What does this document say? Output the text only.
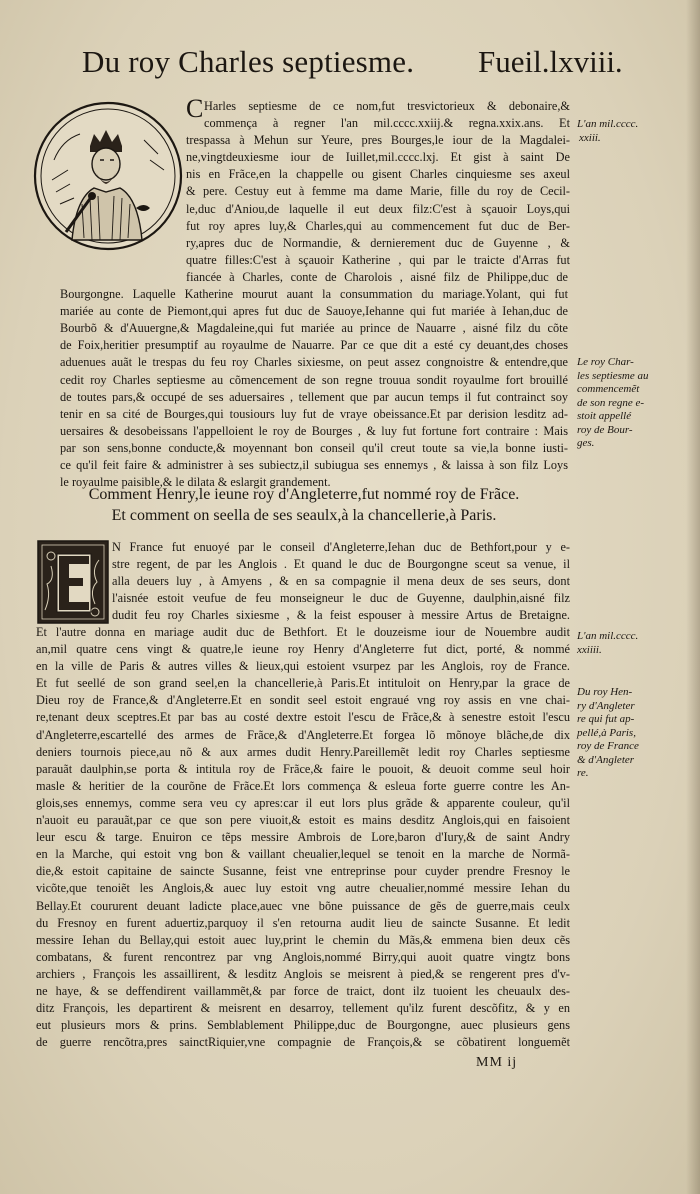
Du roy Charles septiesme. Fueil.lxviii.
C Harles septiesme de ce nom,fut tresvictorieux & debonaire,&
commença à regner l'an mil.cccc.xxiij.& regna.xxix.ans. Et
trespassa à Mehun sur Yeure, pres Bourges,le iour de la Magdalei-
ne,vingtdeuxiesme iour de Iuillet,mil.cccc.lxj. Et gist à saint De
nis en Frãce,en la chappelle ou gisent Charles cinquiesme ses axeul
& pere. Cestuy eut à femme ma dame Marie, fille du roy de Cecil-
le,duc d'Aniou,de laquelle il eut deux filz:C'est à sçauoir Loys,qui
fut roy apres luy,& Charles,qui au commencement fut duc de Ber-
ry,apres duc de Normandie, & dernierement duc de Guyenne , &
quatre filles:C'est à sçauoir Katherine , qui par le traicte d'Arras fut
fiancée à Charles, conte de Charolois , aisné filz de Philippe,duc de
Bourgongne. Laquelle Katherine mourut auant la consummation du mariage.Yolant, qui fut
mariée au conte de Piemont,qui apres fut duc de Sauoye,Iehanne qui fut mariée à Iehan,duc de
Bourbõ & d'Auuergne,& Magdaleine,qui fut mariée au prince de Nauarre , aisné filz du cõte
de Foix,heritier presumptif au royaulme de Nauarre. Par ce que dit a esté cy deuant,des choses
aduenues auãt le trespas du feu roy Charles sixiesme, on peut assez congnoistre & entendre,que
cedit roy Charles septiesme au cõmencement de son regne trouua sondit royaulme fort brouillé
de toutes pars,& occupé de ses aduersaires , tellement que par aucun temps il fut contrainct soy
tenir en sa cité de Bourges,qui tousiours luy fut de vraye obeissance.Et par derision lesditz ad-
uersaires & desobeissans l'appelloient le roy de Bourges , & luy fut fortune fort contraire : Mais
par son sens,bonne conducte,& moyennant bon conseil qu'il creut toute sa vie,la bonne iusti-
ce qu'il feit faire & administrer à ses subiectz,il subiugua ses ennemys , & laissa à son filz Loys
le royaulme paisible,& le dilata & eslargit grandement.
L'an mil.cccc.
xxiii.
Le roy Char-
les septiesme au
commencemẽt
de son regne e-
stoit appellé
roy de Bour-
ges.
Comment Henry,le ieune roy d'Angleterre,fut nommé roy de Frãce.
Et comment on seella de ses seaulx,à la chancellerie,à Paris.
N France fut enuoyé par le conseil d'Angleterre,Iehan duc de Bethfort,pour y e-
stre regent, de par les Anglois . Et quand le duc de Bourgongne sceut sa venue, il
alla deuers luy , à Amyens , & en sa compagnie il mena deux de ses seurs, dont
l'aisnée estoit veufue de feu monseigneur le duc de Guyenne, daulphin,aisné filz
dudit feu roy Charles sixiesme , & la feist espouser à messire Artus de Bretaigne.
Et l'autre donna en mariage audit duc de Bethfort. Et le douzeisme iour de Nouembre audit
an,mil quatre cens vingt & quatre,le ieune roy Henry d'Angleterre fut dict, porté, & nommé
en la ville de Paris & autres villes & lieux,qui estoient vsurpez par les Anglois, roy de France.
Et fut seellé de son grand seel,en la chancellerie,à Paris.Et intituloit on Henry,par la grace de
Dieu roy de France,& d'Angleterre.Et en sondit seel estoit engraué vng roy assis en vne chai-
re,tenant deux sceptres.Et par bas au costé dextre estoit l'escu de Frãce,& à senestre estoit l'escu
d'Angleterre,escartellé des armes de Frãce,& d'Angleterre.Et forgea lõ mõnoye blãche,de dix
deniers tournois piece,au nõ & aux armes dudit Henry.Pareillemẽt ledit roy Charles septiesme
parauãt daulphin,se porta & intitula roy de Frãce,& faire le pouoit, & deuoit comme seul hoir
masle & heritier de la courõne de Frãce.Et lors commença & esleua forte guerre contre les An-
glois,ses ennemys, comme sera veu cy apres:car il eut lors plus grãde & apparente couleur, qu'il
n'auoit eu parauãt,par ce que son pere viuoit,& estoit es mains desditz Anglois,qui en faisoient
leur escu & targe. Enuiron ce tẽps messire Ambrois de Lore,baron d'Iury,& de saint Andry
en la Marche, qui estoit vng bon & vaillant cheualier,lequel se tenoit en la marche de Normã-
die,& estoit capitaine de saincte Susanne, feist vne entreprinse pour cuyder prendre Fresnoy le
vicõte,que tenoiẽt les Anglois,& auec luy estoit vng autre cheualier,nommé messire Iehan du
Bellay.Et coururent deuant ladicte place,auec vne bõne puissance de gẽs de guerre,mais ceulx
du Fresnoy en furent aduertiz,parquoy il s'en retourna audit lieu de saincte Susanne. Et ledit
messire Iehan du Bellay,qui estoit auec luy,print le chemin du Mãs,& emmena bien deux cẽs
combatans, & furent rencontrez par vng Anglois,nommé Birry,qui auoit quatre vingtz bons
archiers , François les assaillirent, & lesditz Anglois se meisrent à pied,& se rengerent pres d'v-
ne haye, & se deffendirent vaillammẽt,& par force de traict, dont ilz tuoient les cheuaulx des-
ditz François, les departirent & meisrent en desarroy, tellement qu'ilz furent descõfitz, & y en
eut plusieurs mors & prins. Semblablement Philippe,duc de Bourgongne, auec plusieurs gens
de guerre rencõtra,pres sainctRiquier,vne compagnie de François,& se cõbatirent longuemẽt
L'an mil.cccc.
xxiiii.
Du roy Hen-
ry d'Angleter
re qui fut ap-
pellé,à Paris,
roy de France
& d'Angleter
re.
MM ij
